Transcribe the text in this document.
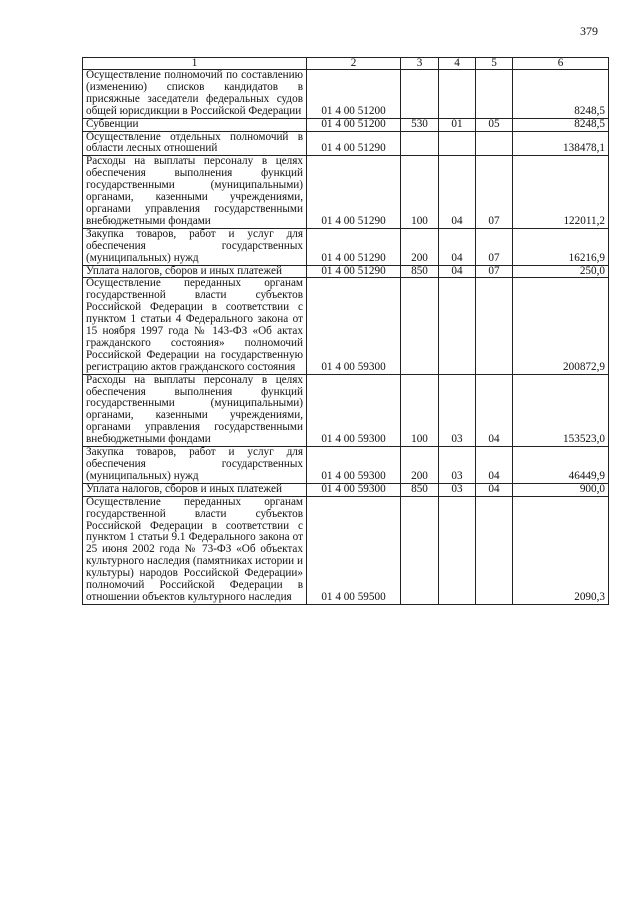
379
1	2	3	4	5	6
Осуществление полномочий по составлению (изменению) списков кандидатов в присяжные заседатели федеральных судов общей юрисдикции в Российской Федерации	01 4 00 51200				8248,5
Субвенции	01 4 00 51200	530	01	05	8248,5
Осуществление отдельных полномочий в области лесных отношений	01 4 00 51290				138478,1
Расходы на выплаты персоналу в целях обеспечения выполнения функций государственными (муниципальными) органами, казенными учреждениями, органами управления государственными внебюджетными фондами	01 4 00 51290	100	04	07	122011,2
Закупка товаров, работ и услуг для обеспечения государственных (муниципальных) нужд	01 4 00 51290	200	04	07	16216,9
Уплата налогов, сборов и иных платежей	01 4 00 51290	850	04	07	250,0
Осуществление переданных органам государственной власти субъектов Российской Федерации в соответствии с пунктом 1 статьи 4 Федерального закона от 15 ноября 1997 года № 143-ФЗ «Об актах гражданского состояния» полномочий Российской Федерации на государственную регистрацию актов гражданского состояния	01 4 00 59300				200872,9
Расходы на выплаты персоналу в целях обеспечения выполнения функций государственными (муниципальными) органами, казенными учреждениями, органами управления государственными внебюджетными фондами	01 4 00 59300	100	03	04	153523,0
Закупка товаров, работ и услуг для обеспечения государственных (муниципальных) нужд	01 4 00 59300	200	03	04	46449,9
Уплата налогов, сборов и иных платежей	01 4 00 59300	850	03	04	900,0
Осуществление переданных органам государственной власти субъектов Российской Федерации в соответствии с пунктом 1 статьи 9.1 Федерального закона от 25 июня 2002 года № 73-ФЗ «Об объектах культурного наследия (памятниках истории и культуры) народов Российской Федерации» полномочий Российской Федерации в отношении объектов культурного наследия	01 4 00 59500				2090,3
